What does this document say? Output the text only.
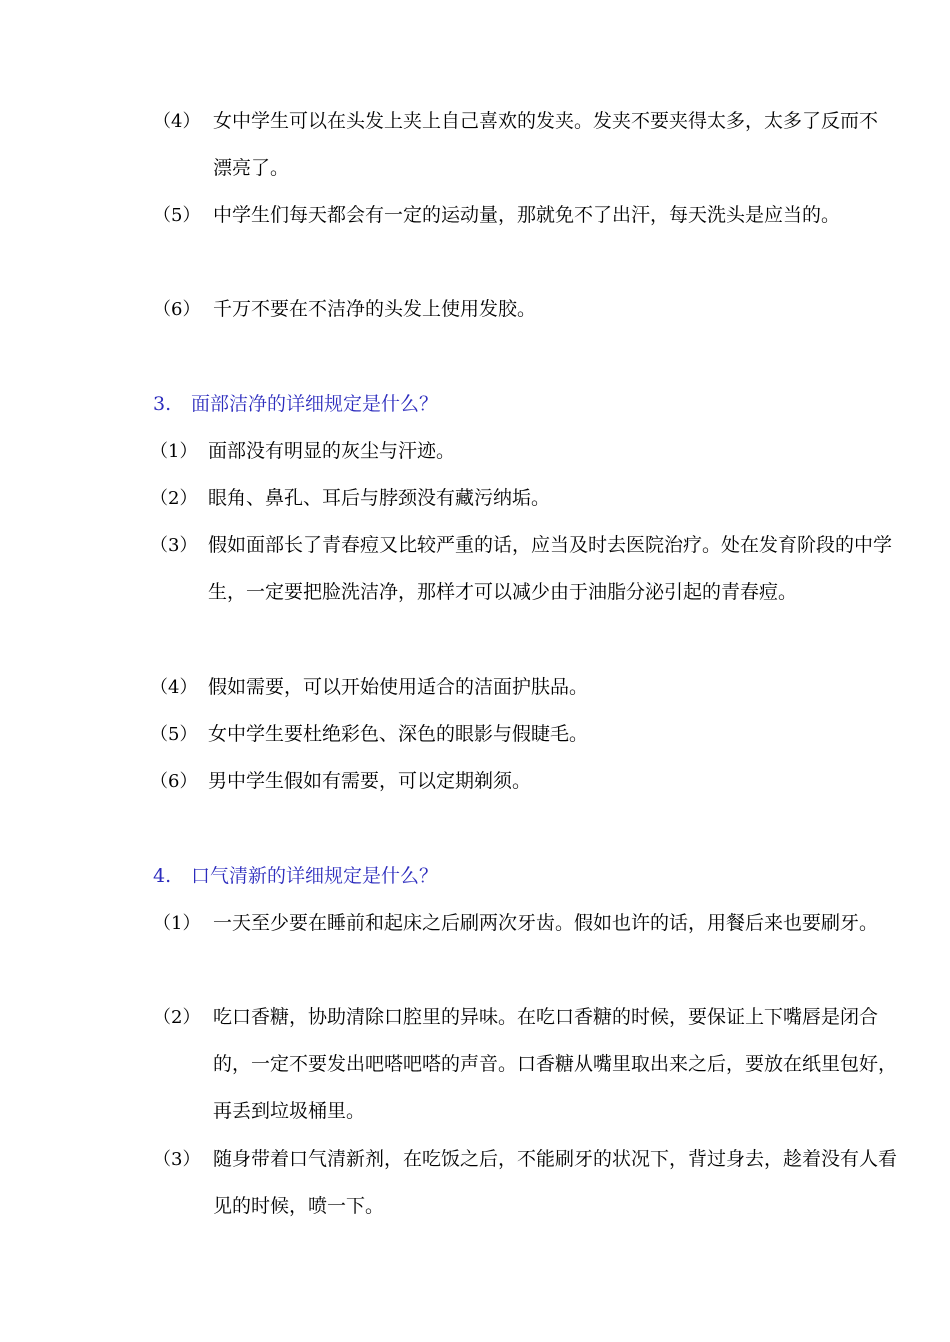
（4） 女中学生可以在头发上夹上自己喜欢的发夹。发夹不要夹得太多，太多了反而不漂亮了。
（5） 中学生们每天都会有一定的运动量，那就免不了出汗，每天洗头是应当的。
（6） 千万不要在不洁净的头发上使用发胶。
3. 面部洁净的详细规定是什么？
（1） 面部没有明显的灰尘与汗迹。
（2） 眼角、鼻孔、耳后与脖颈没有藏污纳垢。
（3） 假如面部长了青春痘又比较严重的话，应当及时去医院治疗。处在发育阶段的中学生，一定要把脸洗洁净，那样才可以减少由于油脂分泌引起的青春痘。
（4） 假如需要，可以开始使用适合的洁面护肤品。
（5） 女中学生要杜绝彩色、深色的眼影与假睫毛。
（6） 男中学生假如有需要，可以定期剃须。
4. 口气清新的详细规定是什么？
（1） 一天至少要在睡前和起床之后刷两次牙齿。假如也许的话，用餐后来也要刷牙。
（2） 吃口香糖，协助清除口腔里的异味。在吃口香糖的时候，要保证上下嘴唇是闭合的，一定不要发出吧嗒吧嗒的声音。口香糖从嘴里取出来之后，要放在纸里包好，再丢到垃圾桶里。
（3） 随身带着口气清新剂，在吃饭之后，不能刷牙的状况下，背过身去，趁着没有人看见的时候，喷一下。
